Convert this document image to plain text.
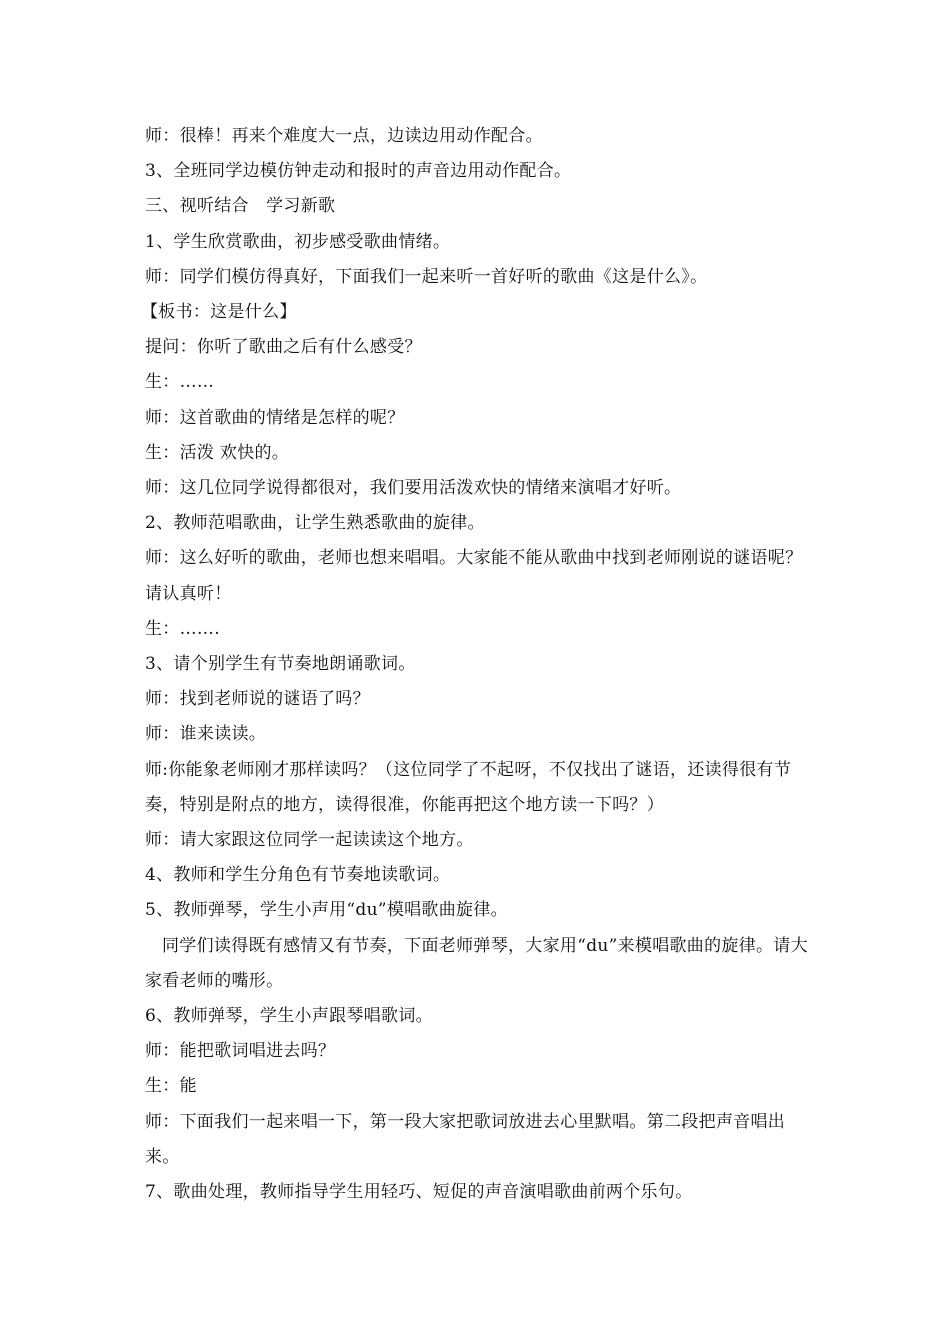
师：很棒！再来个难度大一点，边读边用动作配合。

3、全班同学边模仿钟走动和报时的声音边用动作配合。

三、视听结合　学习新歌

1、学生欣赏歌曲，初步感受歌曲情绪。

师：同学们模仿得真好，下面我们一起来听一首好听的歌曲《这是什么》。

【板书：这是什么】

提问：你听了歌曲之后有什么感受？

生：……

师：这首歌曲的情绪是怎样的呢？

生：活泼 欢快的。

师：这几位同学说得都很对，我们要用活泼欢快的情绪来演唱才好听。

2、教师范唱歌曲，让学生熟悉歌曲的旋律。

师：这么好听的歌曲，老师也想来唱唱。大家能不能从歌曲中找到老师刚说的谜语呢？请认真听！

生：…….

3、请个别学生有节奏地朗诵歌词。

师：找到老师说的谜语了吗？

师：谁来读读。

师:你能象老师刚才那样读吗？（这位同学了不起呀，不仅找出了谜语，还读得很有节奏，特别是附点的地方，读得很准，你能再把这个地方读一下吗？）

师：请大家跟这位同学一起读读这个地方。

4、教师和学生分角色有节奏地读歌词。

5、教师弹琴，学生小声用“du”模唱歌曲旋律。

同学们读得既有感情又有节奏，下面老师弹琴，大家用“du”来模唱歌曲的旋律。请大家看老师的嘴形。

6、教师弹琴，学生小声跟琴唱歌词。

师：能把歌词唱进去吗？

生：能

师：下面我们一起来唱一下，第一段大家把歌词放进去心里默唱。第二段把声音唱出来。

7、歌曲处理，教师指导学生用轻巧、短促的声音演唱歌曲前两个乐句。
